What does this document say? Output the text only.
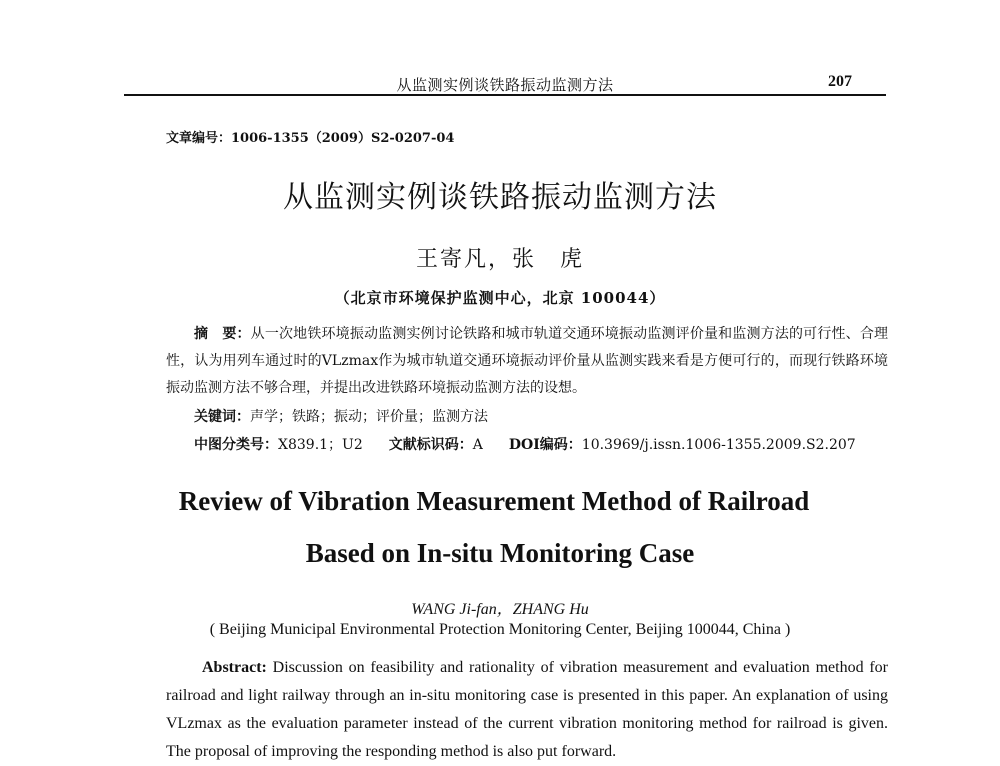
从监测实例谈铁路振动监测方法	207
文章编号：1006-1355（2009）S2-0207-04
从监测实例谈铁路振动监测方法
王寄凡，张　虎
（北京市环境保护监测中心，北京 100044）
摘　要：从一次地铁环境振动监测实例讨论铁路和城市轨道交通环境振动监测评价量和监测方法的可行性、合理性，认为用列车通过时的VLzmax作为城市轨道交通环境振动评价量从监测实践来看是方便可行的，而现行铁路环境振动监测方法不够合理，并提出改进铁路环境振动监测方法的设想。
关键词：声学；铁路；振动；评价量；监测方法
中图分类号：X839.1；U2 文献标识码：A DOI编码：10.3969/j.issn.1006-1355.2009.S2.207
Review of Vibration Measurement Method of Railroad
Based on In-situ Monitoring Case
WANG Ji-fan，ZHANG Hu
( Beijing Municipal Environmental Protection Monitoring Center, Beijing 100044, China )
Abstract: Discussion on feasibility and rationality of vibration measurement and evaluation method for railroad and light railway through an in-situ monitoring case is presented in this paper. An explanation of using VLzmax as the evaluation parameter instead of the current vibration monitoring method for railroad is given. The proposal of improving the responding method is also put forward.
